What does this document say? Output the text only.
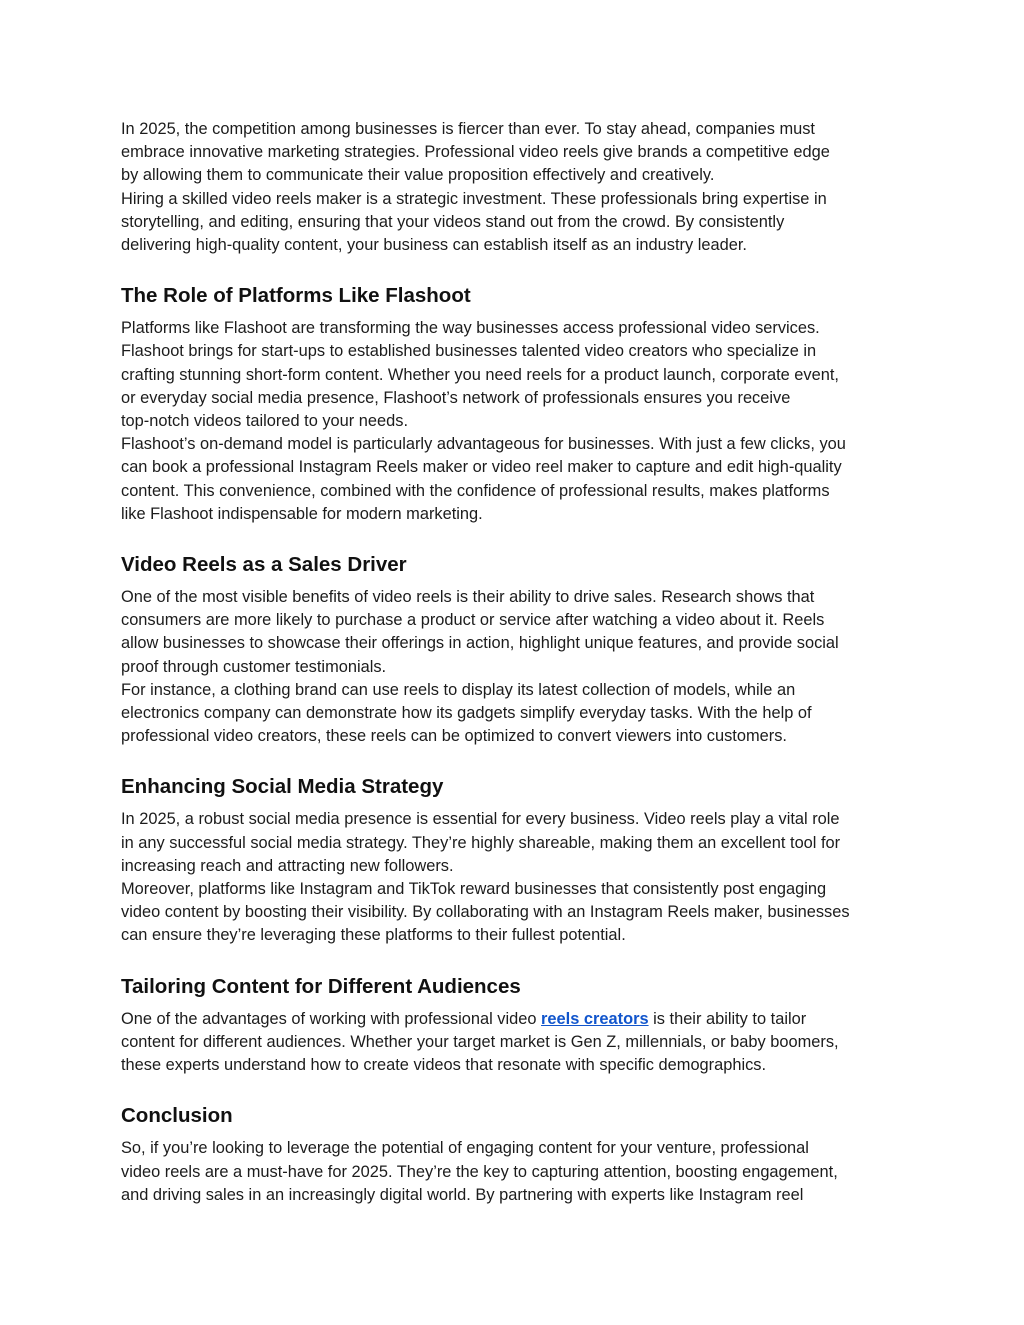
In 2025, the competition among businesses is fiercer than ever. To stay ahead, companies must
embrace innovative marketing strategies. Professional video reels give brands a competitive edge
by allowing them to communicate their value proposition effectively and creatively.

Hiring a skilled video reels maker is a strategic investment. These professionals bring expertise in
storytelling, and editing, ensuring that your videos stand out from the crowd. By consistently
delivering high-quality content, your business can establish itself as an industry leader.

The Role of Platforms Like Flashoot

Platforms like Flashoot are transforming the way businesses access professional video services.
Flashoot brings for start-ups to established businesses talented video creators who specialize in
crafting stunning short-form content. Whether you need reels for a product launch, corporate event,
or everyday social media presence, Flashoot’s network of professionals ensures you receive
top-notch videos tailored to your needs.

Flashoot’s on-demand model is particularly advantageous for businesses. With just a few clicks, you
can book a professional Instagram Reels maker or video reel maker to capture and edit high-quality
content. This convenience, combined with the confidence of professional results, makes platforms
like Flashoot indispensable for modern marketing.

Video Reels as a Sales Driver

One of the most visible benefits of video reels is their ability to drive sales. Research shows that
consumers are more likely to purchase a product or service after watching a video about it. Reels
allow businesses to showcase their offerings in action, highlight unique features, and provide social
proof through customer testimonials.

For instance, a clothing brand can use reels to display its latest collection of models, while an
electronics company can demonstrate how its gadgets simplify everyday tasks. With the help of
professional video creators, these reels can be optimized to convert viewers into customers.

Enhancing Social Media Strategy

In 2025, a robust social media presence is essential for every business. Video reels play a vital role
in any successful social media strategy. They’re highly shareable, making them an excellent tool for
increasing reach and attracting new followers.

Moreover, platforms like Instagram and TikTok reward businesses that consistently post engaging
video content by boosting their visibility. By collaborating with an Instagram Reels maker, businesses
can ensure they’re leveraging these platforms to their fullest potential.

Tailoring Content for Different Audiences

One of the advantages of working with professional video reels creators is their ability to tailor
content for different audiences. Whether your target market is Gen Z, millennials, or baby boomers,
these experts understand how to create videos that resonate with specific demographics.

Conclusion

So, if you’re looking to leverage the potential of engaging content for your venture, professional
video reels are a must-have for 2025. They’re the key to capturing attention, boosting engagement,
and driving sales in an increasingly digital world. By partnering with experts like Instagram reel
